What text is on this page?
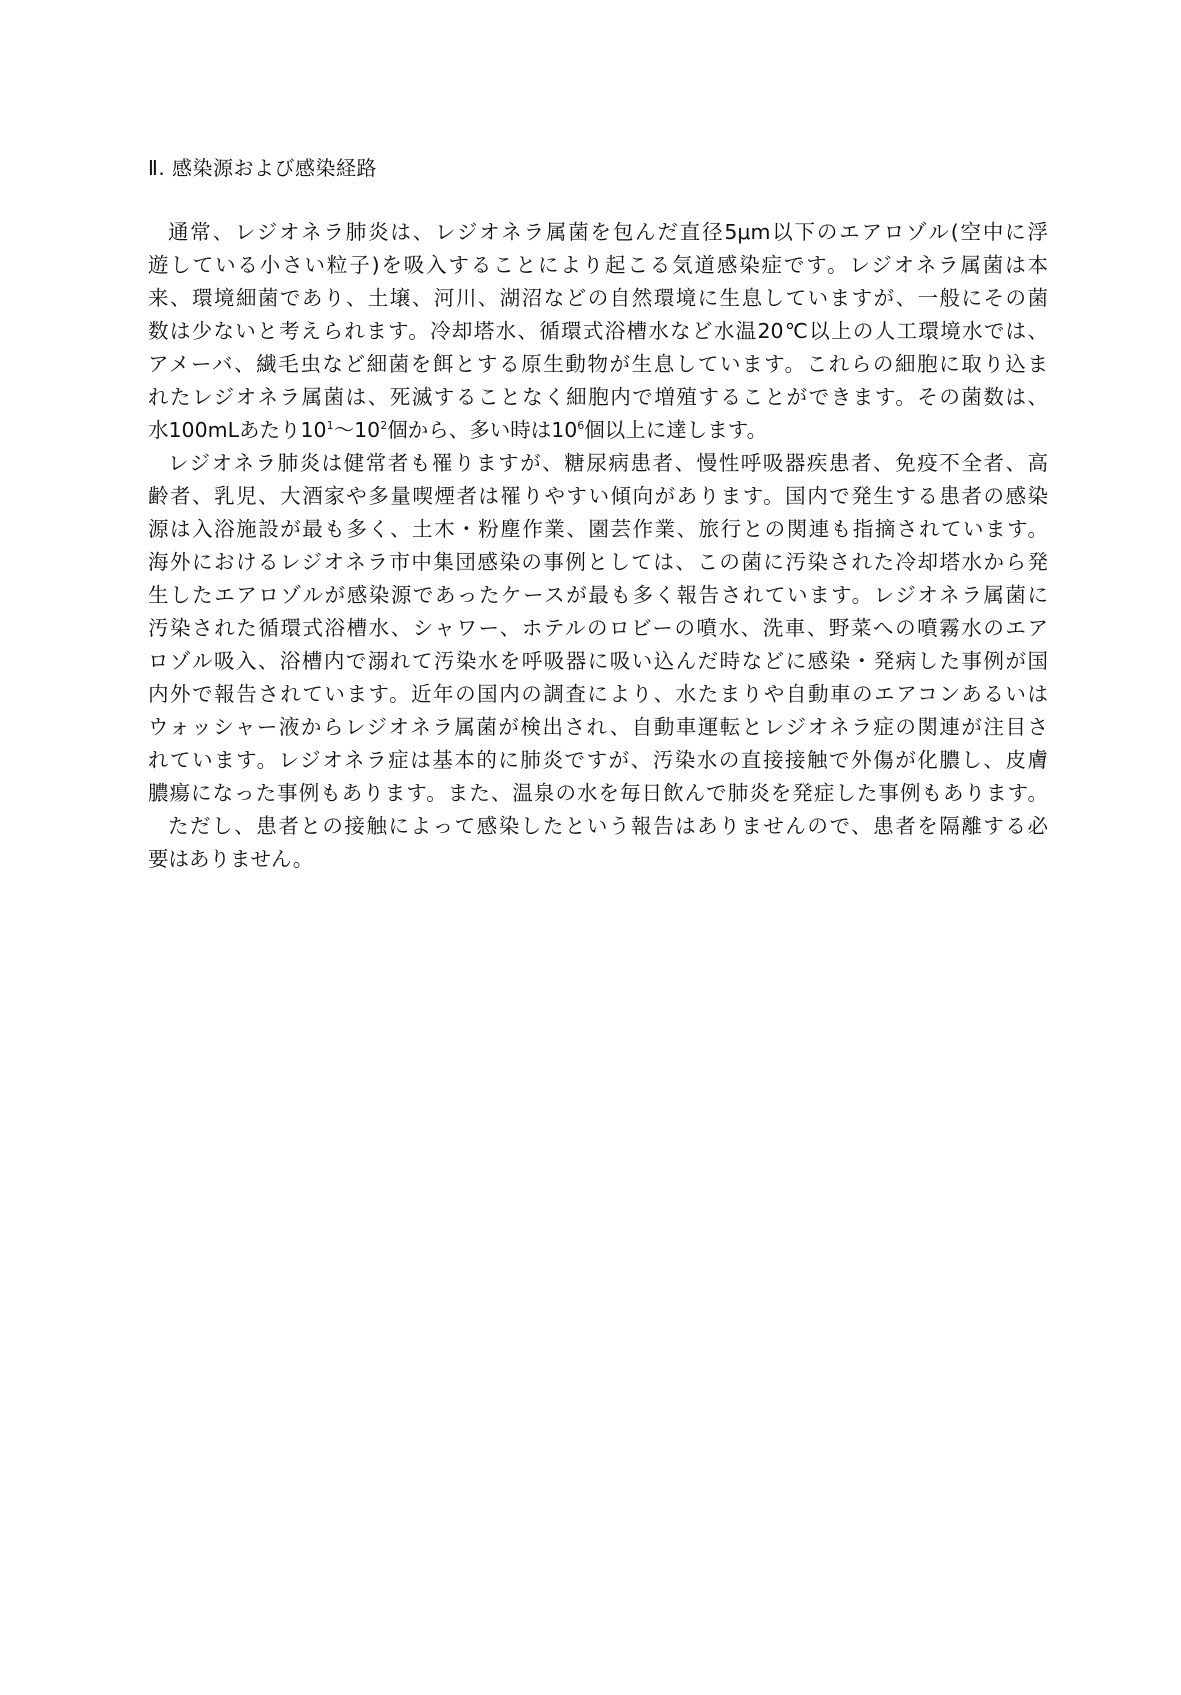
Ⅱ. 感染源および感染経路

通常、レジオネラ肺炎は、レジオネラ属菌を包んだ直径5μm以下のエアロゾル(空中に浮
遊している小さい粒子)を吸入することにより起こる気道感染症です。レジオネラ属菌は本
来、環境細菌であり、土壌、河川、湖沼などの自然環境に生息していますが、一般にその菌
数は少ないと考えられます。冷却塔水、循環式浴槽水など水温20℃以上の人工環境水では、
アメーバ、繊毛虫など細菌を餌とする原生動物が生息しています。これらの細胞に取り込ま
れたレジオネラ属菌は、死滅することなく細胞内で増殖することができます。その菌数は、
水100mLあたり$10^1\sim 10^2$個から、多い時は$10^6$個以上に達します。

レジオネラ肺炎は健常者も罹りますが、糖尿病患者、慢性呼吸器疾患者、免疫不全者、高
齢者、乳児、大酒家や多量喫煙者は罹りやすい傾向があります。国内で発生する患者の感染
源は入浴施設が最も多く、土木・粉塵作業、園芸作業、旅行との関連も指摘されています。
海外におけるレジオネラ市中集団感染の事例としては、この菌に汚染された冷却塔水から発
生したエアロゾルが感染源であったケースが最も多く報告されています。レジオネラ属菌に
汚染された循環式浴槽水、シャワー、ホテルのロビーの噴水、洗車、野菜への噴霧水のエア
ロゾル吸入、浴槽内で溺れて汚染水を呼吸器に吸い込んだ時などに感染・発病した事例が国
内外で報告されています。近年の国内の調査により、水たまりや自動車のエアコンあるいは
ウォッシャー液からレジオネラ属菌が検出され、自動車運転とレジオネラ症の関連が注目さ
れています。レジオネラ症は基本的に肺炎ですが、汚染水の直接接触で外傷が化膿し、皮膚
膿瘍になった事例もあります。また、温泉の水を毎日飲んで肺炎を発症した事例もあります。

ただし、患者との接触によって感染したという報告はありませんので、患者を隔離する必
要はありません。
